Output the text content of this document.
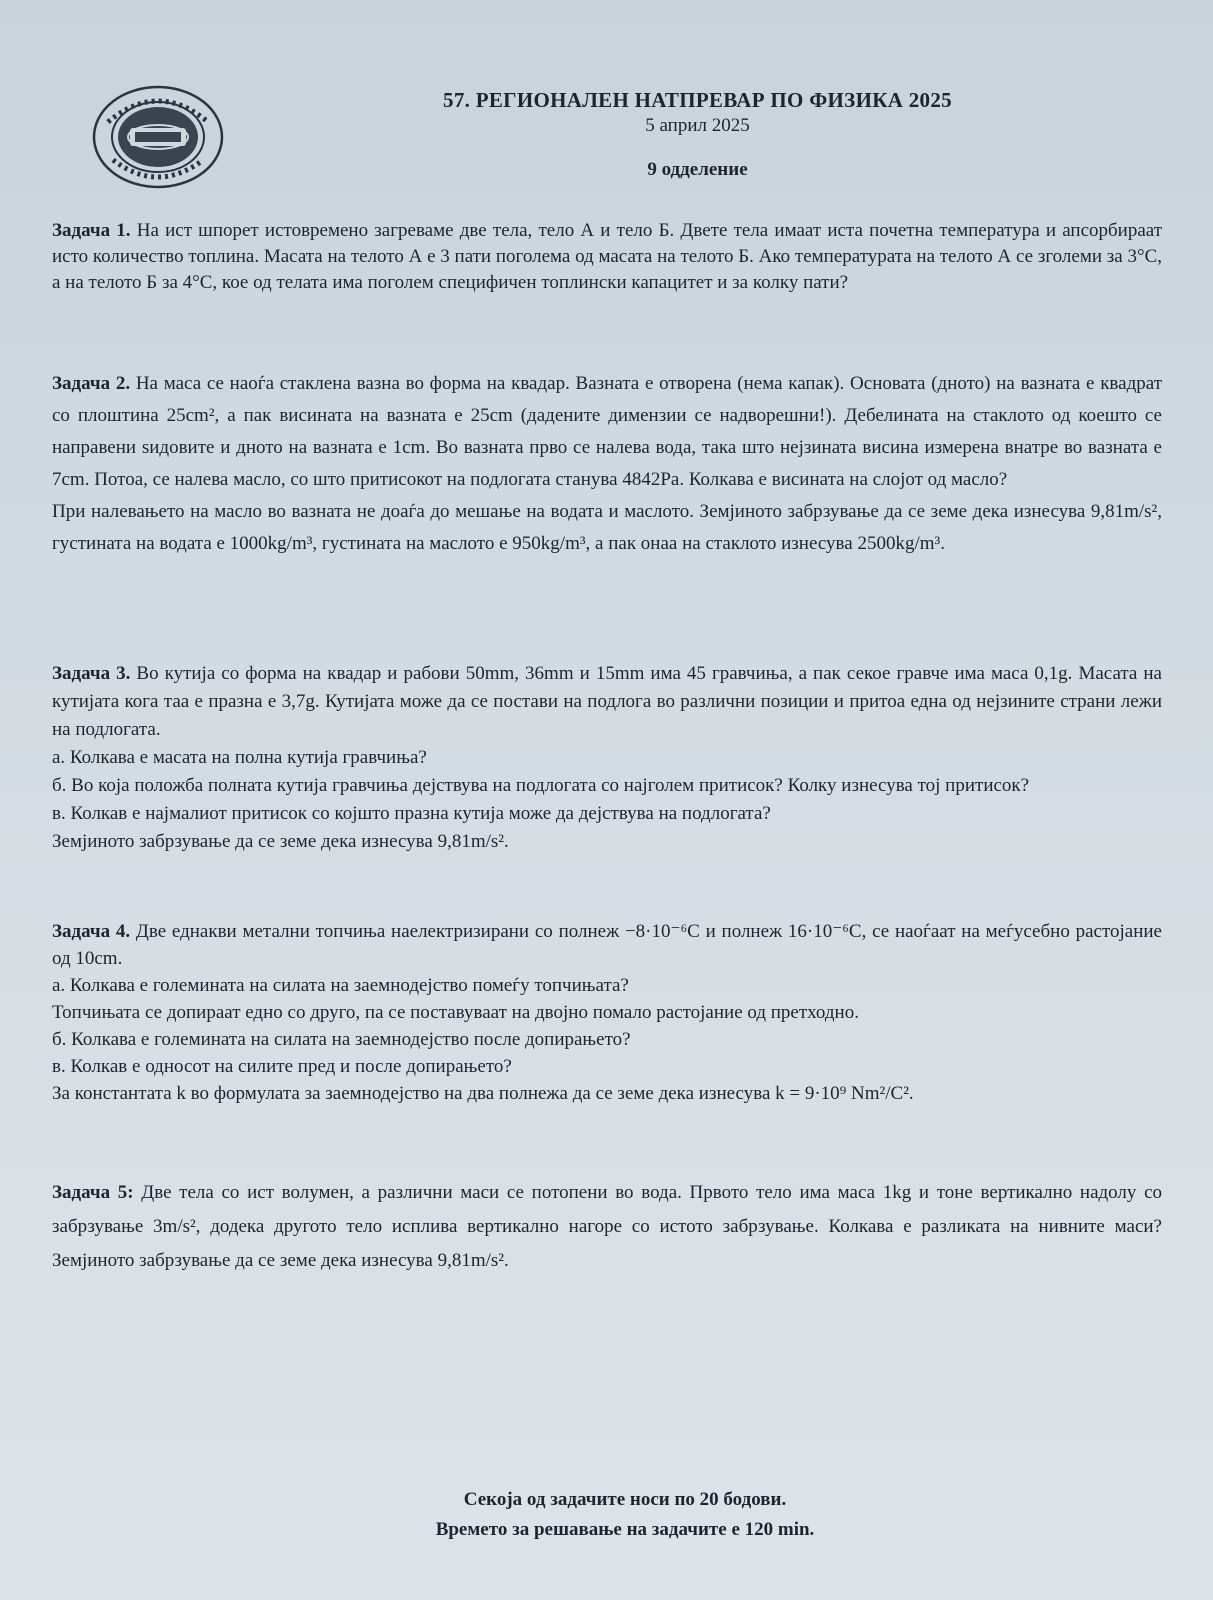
57. РЕГИОНАЛЕН НАТПРЕВАР ПО ФИЗИКА 2025
5 април 2025
9 одделение

Задача 1. На ист шпорет истовремено загреваме две тела, тело А и тело Б. Двете тела имаат иста почетна температура и апсорбираат исто количество топлина. Масата на телото А е 3 пати поголема од масата на телото Б. Ако температурата на телото А се зголеми за 3°C, а на телото Б за 4°C, кое од телата има поголем специфичен топлински капацитет и за колку пати?

Задача 2. На маса се наоѓа стаклена вазна во форма на квадар. Вазната е отворена (нема капак). Основата (дното) на вазната е квадрат со плоштина 25cm², а пак висината на вазната е 25cm (дадените димензии се надворешни!). Дебелината на стаклото од коешто се направени ѕидовите и дното на вазната е 1cm. Во вазната прво се налева вода, така што нејзината висина измерена внатре во вазната е 7cm. Потоа, се налева масло, со што притисокот на подлогата станува 4842Pa. Колкава е висината на слојот од масло?

При налевањето на масло во вазната не доаѓа до мешање на водата и маслото. Земјиното забрзување да се земе дека изнесува 9,81m/s², густината на водата е 1000kg/m³, густината на маслото е 950kg/m³, а пак онаа на стаклото изнесува 2500kg/m³.

Задача 3. Во кутија со форма на квадар и рабови 50mm, 36mm и 15mm има 45 гравчиња, а пак секое гравче има маса 0,1g. Масата на кутијата кога таа е празна е 3,7g. Кутијата може да се постави на подлога во различни позиции и притоа една од нејзините страни лежи на подлогата.

а. Колкава е масата на полна кутија гравчиња?

б. Во која положба полната кутија гравчиња дејствува на подлогата со најголем притисок? Колку изнесува тој притисок?

в. Колкав е најмалиот притисок со којшто празна кутија може да дејствува на подлогата?

Земјиното забрзување да се земе дека изнесува 9,81m/s².

Задача 4. Две еднакви метални топчиња наелектризирани со полнеж −8·10⁻⁶C и полнеж 16·10⁻⁶C, се наоѓаат на меѓусебно растојание од 10cm.

а. Колкава е големината на силата на заемнодејство помеѓу топчињата?

Топчињата се допираат едно со друго, па се поставуваат на двојно помало растојание од претходно.

б. Колкава е големината на силата на заемнодејство после допирањето?

в. Колкав е односот на силите пред и после допирањето?

За константата k во формулата за заемнодејство на два полнежа да се земе дека изнесува k = 9·10⁹ Nm²/C².

Задача 5: Две тела со ист волумен, а различни маси се потопени во вода. Првото тело има маса 1kg и тоне вертикално надолу со забрзување 3m/s², додека другото тело исплива вертикално нагоре со истото забрзување. Колкава е разликата на нивните маси? Земјиното забрзување да се земе дека изнесува 9,81m/s².

Секоја од задачите носи по 20 бодови.
Времето за решавање на задачите е 120 min.
